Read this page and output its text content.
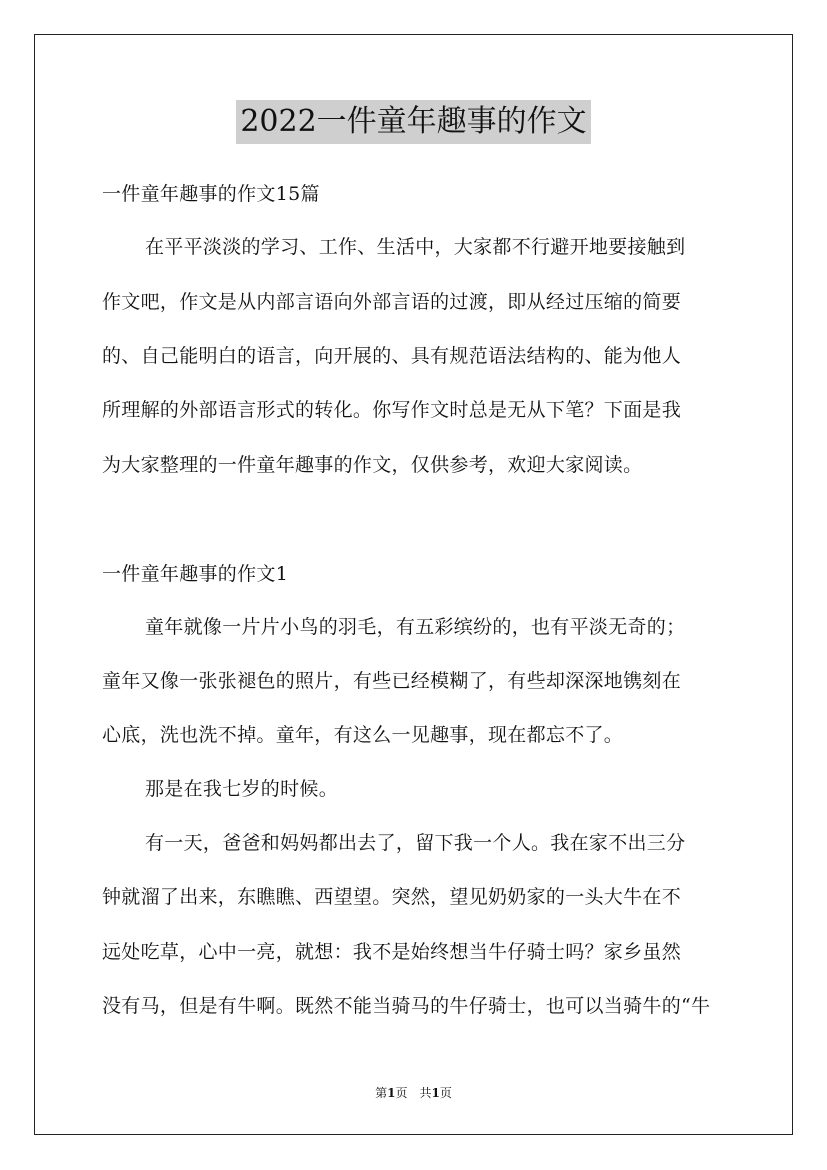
2022一件童年趣事的作文
一件童年趣事的作文15篇
在平平淡淡的学习、工作、生活中，大家都不行避开地要接触到
作文吧，作文是从内部言语向外部言语的过渡，即从经过压缩的简要
的、自己能明白的语言，向开展的、具有规范语法结构的、能为他人
所理解的外部语言形式的转化。你写作文时总是无从下笔？下面是我
为大家整理的一件童年趣事的作文，仅供参考，欢迎大家阅读。
一件童年趣事的作文1
童年就像一片片小鸟的羽毛，有五彩缤纷的，也有平淡无奇的；
童年又像一张张褪色的照片，有些已经模糊了，有些却深深地镌刻在
心底，洗也洗不掉。童年，有这么一见趣事，现在都忘不了。
那是在我七岁的时候。
有一天，爸爸和妈妈都出去了，留下我一个人。我在家不出三分
钟就溜了出来，东瞧瞧、西望望。突然，望见奶奶家的一头大牛在不
远处吃草，心中一亮，就想：我不是始终想当牛仔骑士吗？家乡虽然
没有马，但是有牛啊。既然不能当骑马的牛仔骑士，也可以当骑牛的“牛
第1页　共1页
